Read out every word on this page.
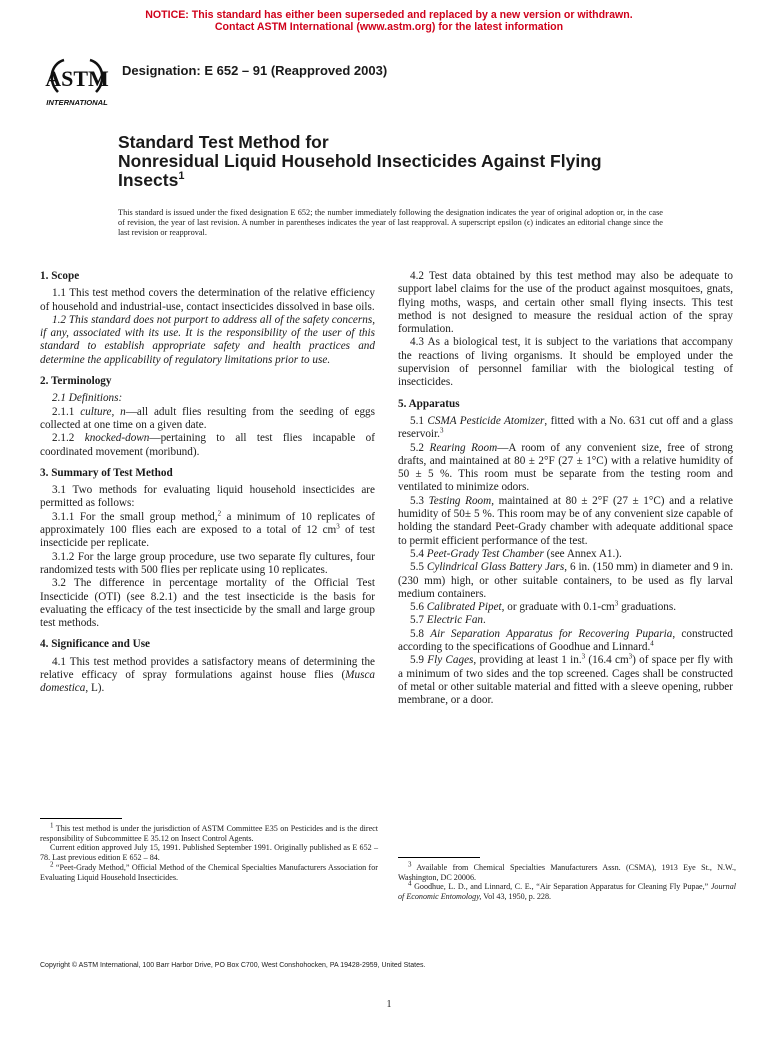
NOTICE: This standard has either been superseded and replaced by a new version or withdrawn.
Contact ASTM International (www.astm.org) for the latest information
ASTM
INTERNATIONAL
Designation: E 652 – 91 (Reapproved 2003)
Standard Test Method for
Nonresidual Liquid Household Insecticides Against Flying
Insects$^1$
This standard is issued under the fixed designation E 652; the number immediately following the designation indicates the year of original adoption or, in the case of revision, the year of last revision. A number in parentheses indicates the year of last reapproval. A superscript epsilon (ϵ) indicates an editorial change since the last revision or reapproval.
1. Scope

1.1 This test method covers the determination of the relative efficiency of household and industrial-use, contact insecticides dissolved in base oils.

1.2 This standard does not purport to address all of the safety concerns, if any, associated with its use. It is the responsibility of the user of this standard to establish appropriate safety and health practices and determine the applicability of regulatory limitations prior to use.

2. Terminology

2.1 Definitions:

2.1.1 culture, n—all adult flies resulting from the seeding of eggs collected at one time on a given date.

2.1.2 knocked-down—pertaining to all test flies incapable of coordinated movement (moribund).

3. Summary of Test Method

3.1 Two methods for evaluating liquid household insecticides are permitted as follows:

3.1.1 For the small group method,$^2$ a minimum of 10 replicates of approximately 100 flies each are exposed to a total of 12 $cm^3$ of test insecticide per replicate.

3.1.2 For the large group procedure, use two separate fly cultures, four randomized tests with 500 flies per replicate using 10 replicates.

3.2 The difference in percentage mortality of the Official Test Insecticide (OTI) (see 8.2.1) and the test insecticide is the basis for evaluating the efficacy of the test insecticide by the small and large group test methods.

4. Significance and Use

4.1 This test method provides a satisfactory means of determining the relative efficacy of spray formulations against house flies (Musca domestica, L).

4.2 Test data obtained by this test method may also be adequate to support label claims for the use of the product against mosquitoes, gnats, flying moths, wasps, and certain other small flying insects. This test method is not designed to measure the residual action of the spray formulation.

4.3 As a biological test, it is subject to the variations that accompany the reactions of living organisms. It should be employed under the supervision of personnel familiar with the biological testing of insecticides.

5. Apparatus

5.1 CSMA Pesticide Atomizer, fitted with a No. 631 cut off and a glass reservoir.$^3$

5.2 Rearing Room—A room of any convenient size, free of strong drafts, and maintained at 80 ± 2°F (27 ± 1°C) with a relative humidity of 50 ± 5 %. This room must be separate from the testing room and ventilated to minimize odors.

5.3 Testing Room, maintained at 80 ± 2°F (27 ± 1°C) and a relative humidity of 50± 5 %. This room may be of any convenient size capable of holding the standard Peet-Grady chamber with adequate additional space to permit efficient performance of the test.

5.4 Peet-Grady Test Chamber (see Annex A1.).

5.5 Cylindrical Glass Battery Jars, 6 in. (150 mm) in diameter and 9 in. (230 mm) high, or other suitable containers, to be used as fly larval medium containers.

5.6 Calibrated Pipet, or graduate with $0.1-cm^3$ graduations.

5.7 Electric Fan.

5.8 Air Separation Apparatus for Recovering Puparia, constructed according to the specifications of Goodhue and Linnard.$^4$

5.9 Fly Cages, providing at least 1 in.$^3$ (16.4 $cm^3$) of space per fly with a minimum of two sides and the top screened. Cages shall be constructed of metal or other suitable material and fitted with a sleeve opening, rubber membrane, or a door.

$^1$ This test method is under the jurisdiction of ASTM Committee E35 on Pesticides and is the direct responsibility of Subcommittee E 35.12 on Insect Control Agents.

Current edition approved July 15, 1991. Published September 1991. Originally published as E 652 – 78. Last previous edition E 652 – 84.

$^2$ “Peet-Grady Method,” Official Method of the Chemical Specialties Manufacturers Association for Evaluating Liquid Household Insecticides.

$^3$ Available from Chemical Specialties Manufacturers Assn. (CSMA), 1913 Eye St., N.W., Washington, DC 20006.

$^4$ Goodhue, L. D., and Linnard, C. E., “Air Separation Apparatus for Cleaning Fly Pupae,” Journal of Economic Entomology, Vol 43, 1950, p. 228.

Copyright © ASTM International, 100 Barr Harbor Drive, PO Box C700, West Conshohocken, PA 19428-2959, United States.
1
